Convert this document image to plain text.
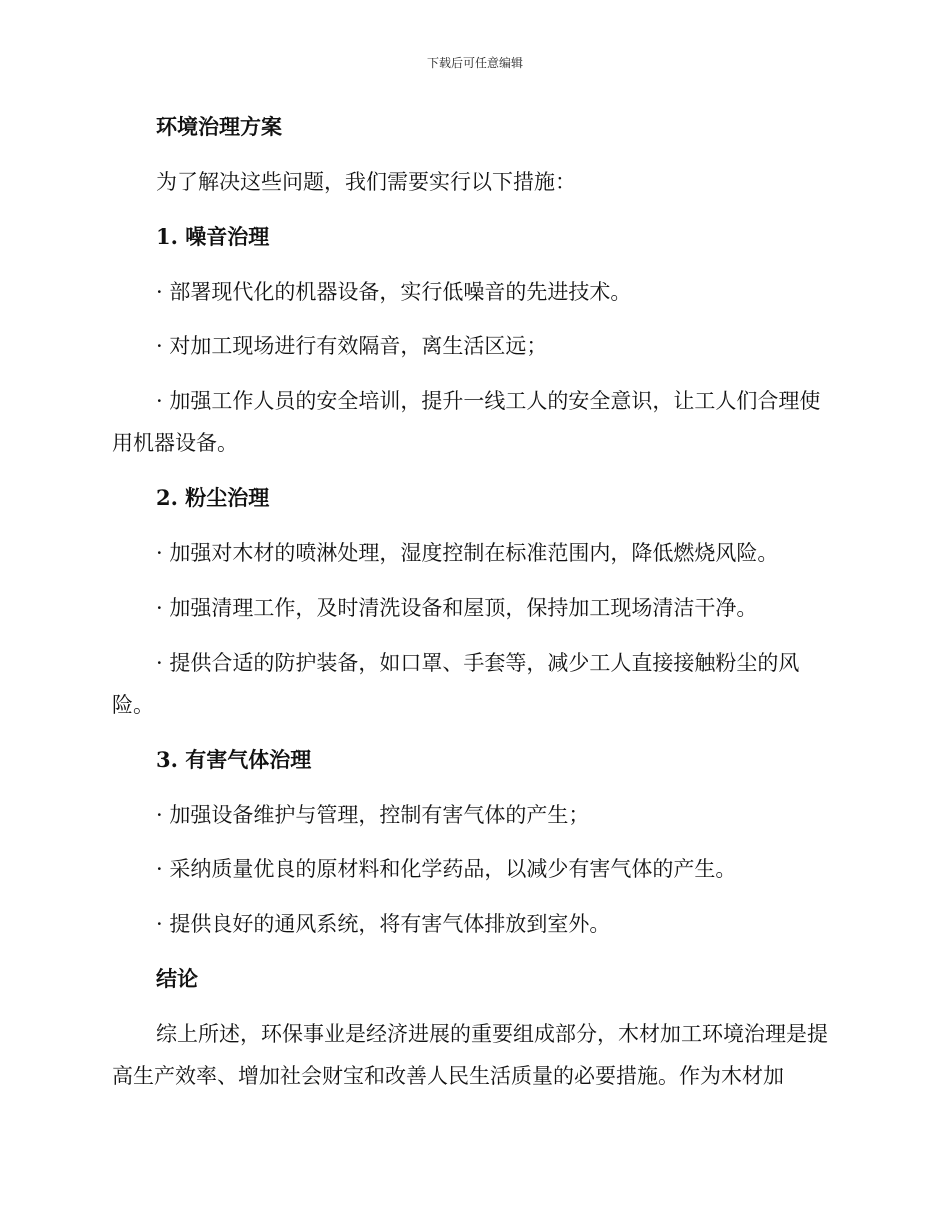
下载后可任意编辑
环境治理方案
为了解决这些问题，我们需要实行以下措施：
1. 噪音治理
· 部署现代化的机器设备，实行低噪音的先进技术。
· 对加工现场进行有效隔音，离生活区远；
· 加强工作人员的安全培训，提升一线工人的安全意识，让工人们合理使用机器设备。
2. 粉尘治理
· 加强对木材的喷淋处理，湿度控制在标准范围内，降低燃烧风险。
· 加强清理工作，及时清洗设备和屋顶，保持加工现场清洁干净。
· 提供合适的防护装备，如口罩、手套等，减少工人直接接触粉尘的风险。
3. 有害气体治理
· 加强设备维护与管理，控制有害气体的产生；
· 采纳质量优良的原材料和化学药品，以减少有害气体的产生。
· 提供良好的通风系统，将有害气体排放到室外。
结论
综上所述，环保事业是经济进展的重要组成部分，木材加工环境治理是提高生产效率、增加社会财宝和改善人民生活质量的必要措施。作为木材加
